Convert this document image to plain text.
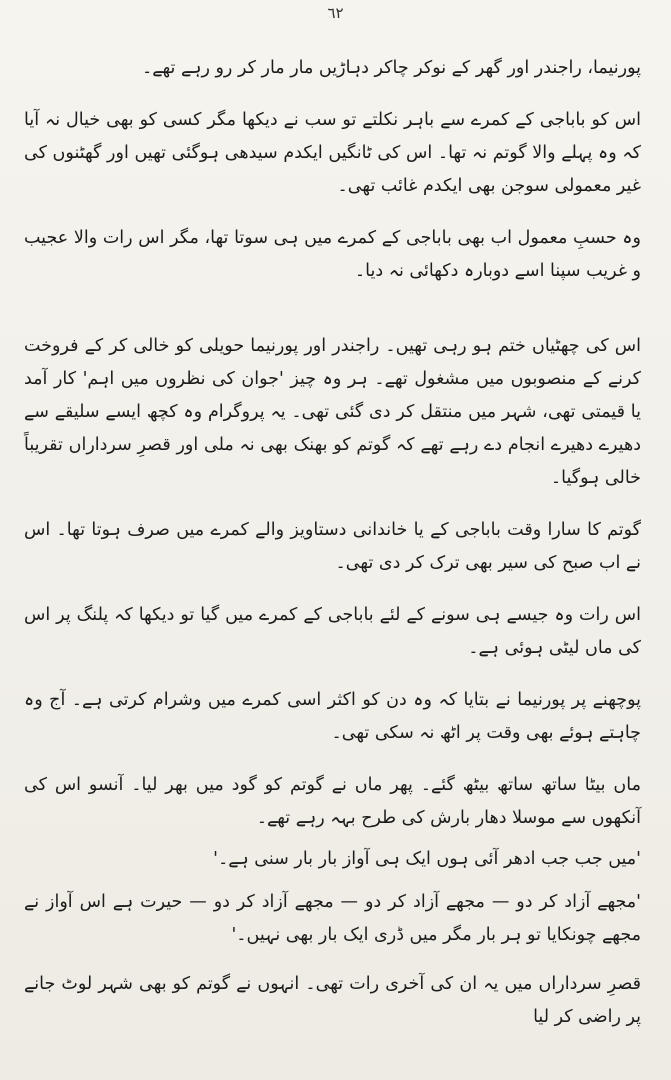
٦٢

پورنیما، راجندر اور گھر کے نوکر چاکر دہاڑیں مار مار کر رو رہے تھے۔

اس کو باباجی کے کمرے سے باہر نکلتے تو سب نے دیکھا مگر کسی کو بھی خیال نہ آیا کہ وہ پہلے والا گوتم نہ تھا۔ اس کی ٹانگیں ایکدم سیدھی ہوگئی تھیں اور گھٹنوں کی غیر معمولی سوجن بھی ایکدم غائب تھی۔

وہ حسبِ معمول اب بھی باباجی کے کمرے میں ہی سوتا تھا، مگر اس رات والا عجیب و غریب سپنا اسے دوبارہ دکھائی نہ دیا۔

اس کی چھٹیاں ختم ہو رہی تھیں۔ راجندر اور پورنیما حویلی کو خالی کر کے فروخت کرنے کے منصوبوں میں مشغول تھے۔ ہر وہ چیز 'جوان کی نظروں میں اہم' کار آمد یا قیمتی تھی، شہر میں منتقل کر دی گئی تھی۔ یہ پروگرام وہ کچھ ایسے سلیقے سے دھیرے دھیرے انجام دے رہے تھے کہ گوتم کو بھنک بھی نہ ملی اور قصرِ سرداراں تقریباً خالی ہوگیا۔

گوتم کا سارا وقت باباجی کے یا خاندانی دستاویز والے کمرے میں صرف ہوتا تھا۔ اس نے اب صبح کی سیر بھی ترک کر دی تھی۔

اس رات وہ جیسے ہی سونے کے لئے باباجی کے کمرے میں گیا تو دیکھا کہ پلنگ پر اس کی ماں لیٹی ہوئی ہے۔

پوچھنے پر پورنیما نے بتایا کہ وہ دن کو اکثر اسی کمرے میں وشرام کرتی ہے۔ آج وہ چاہتے ہوئے بھی وقت پر اٹھ نہ سکی تھی۔

ماں بیٹا ساتھ ساتھ بیٹھ گئے۔ پھر ماں نے گوتم کو گود میں بھر لیا۔ آنسو اس کی آنکھوں سے موسلا دھار بارش کی طرح بہہ رہے تھے۔

'میں جب جب ادھر آئی ہوں ایک ہی آواز بار بار سنی ہے۔'

'مجھے آزاد کر دو — مجھے آزاد کر دو — مجھے آزاد کر دو — حیرت ہے اس آواز نے مجھے چونکایا تو ہر بار مگر میں ڈری ایک بار بھی نہیں۔'

قصرِ سرداراں میں یہ ان کی آخری رات تھی۔ انہوں نے گوتم کو بھی شہر لوٹ جانے پر راضی کر لیا
